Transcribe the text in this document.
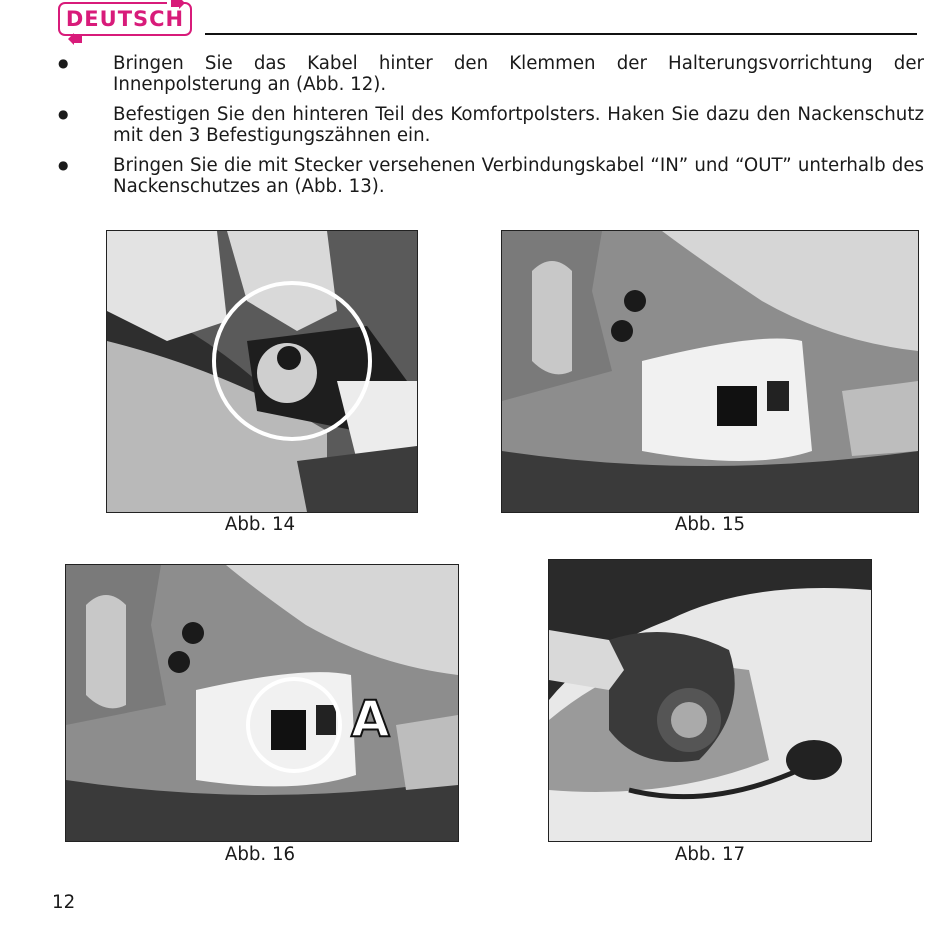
DEUTSCH
● Bringen Sie das Kabel hinter den Klemmen der Halterungsvorrichtung der Innenpolsterung an (Abb. 12).
● Befestigen Sie den hinteren Teil des Komfortpolsters. Haken Sie dazu den Nackenschutz mit den 3 Befestigungszähnen ein.
● Bringen Sie die mit Stecker versehenen Verbindungskabel “IN” und “OUT” unterhalb des Nackenschutzes an (Abb. 13).
Abb. 14	Abb. 15
A
Abb. 16	Abb. 17
12
